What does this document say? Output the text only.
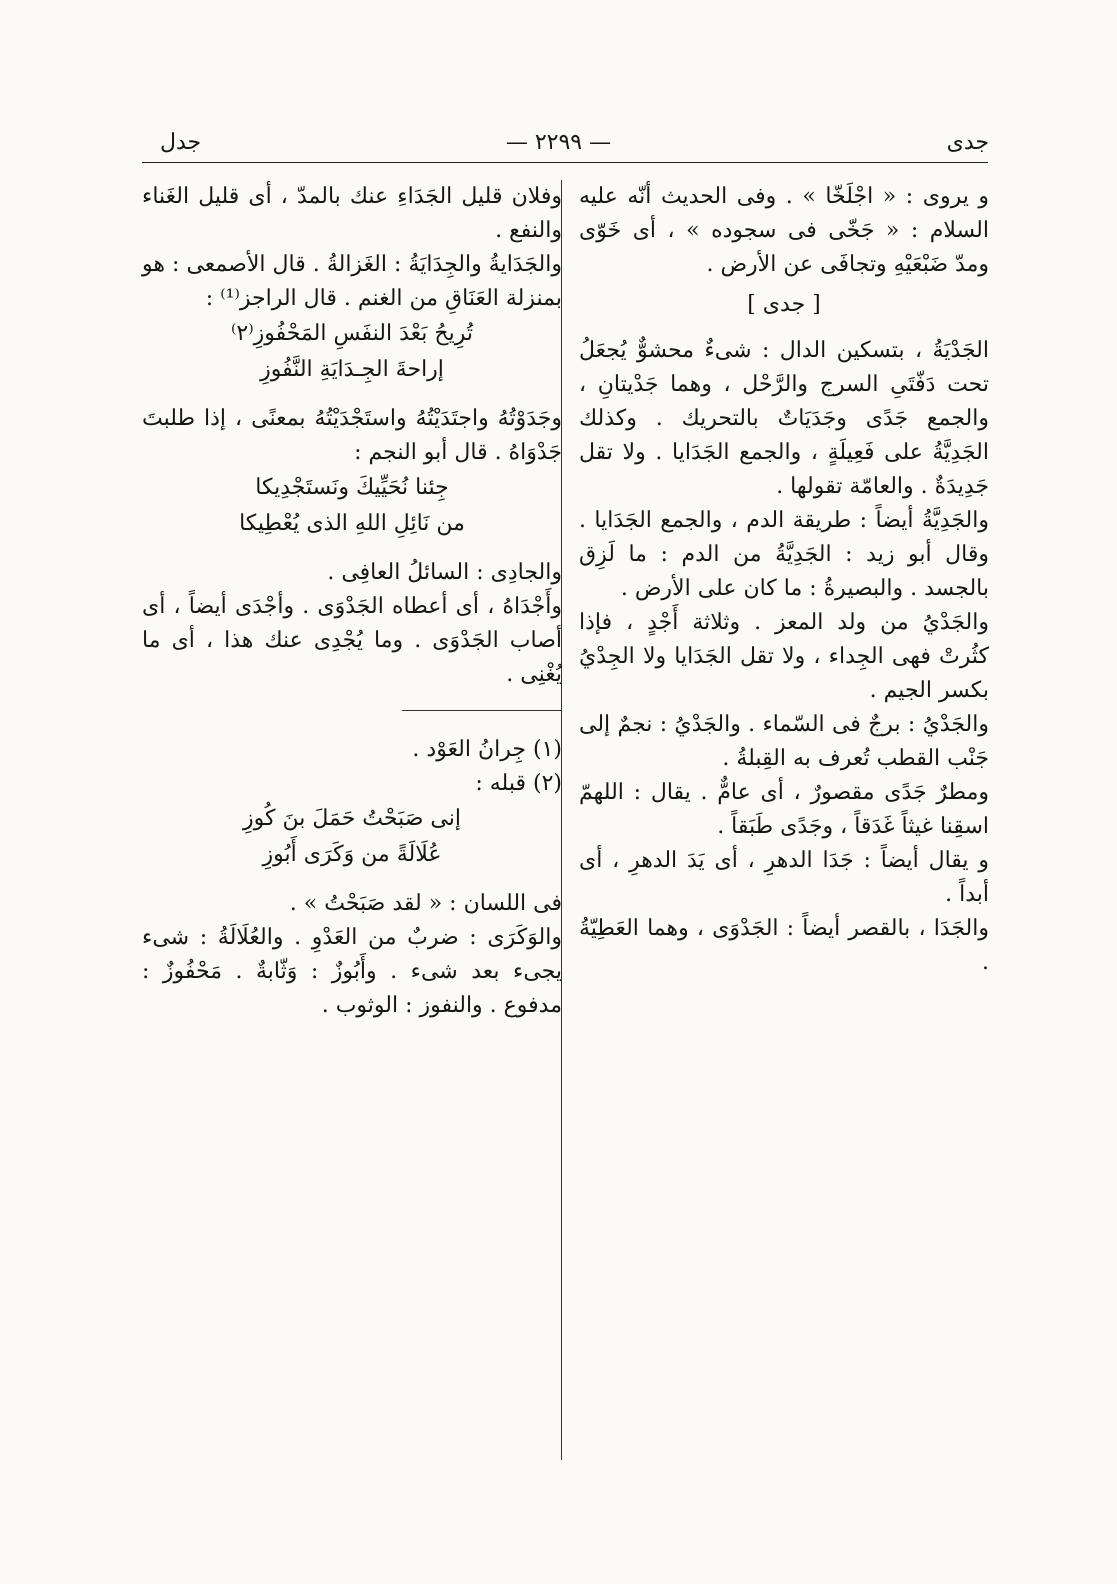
جدى
— ٢٢٩٩ —
جدل

و يروى : « اجْلَخّا » . وفى الحديث أنّه عليه السلام : « جَخّى فى سجوده » ، أى خَوّى ومدّ ضَبْعَيْهِ وتجافَى عن الأرض .

[ جدى ]

الجَدْيَةُ ، بتسكين الدال : شىءٌ محشوٌّ يُجعَلُ تحت دَفّتَىِ السرج والرَّحْل ، وهما جَدْيتانِ ، والجمع جَدًى وجَدَيَاتٌ بالتحريك . وكذلك الجَدِيَّةُ على فَعِيلَةٍ ، والجمع الجَدَايا . ولا تقل جَدِيدَةٌ . والعامّة تقولها .

والجَدِيَّةُ أيضاً : طريقة الدم ، والجمع الجَدَايا . وقال أبو زيد : الجَدِيَّةُ من الدم : ما لَزِق بالجسد . والبصيرةُ : ما كان على الأرض .

والجَدْيُ من ولد المعز . وثلاثة أَجْدٍ ، فإذا كثُرتْ فهى الجِداء ، ولا تقل الجَدَايا ولا الجِدْيُ بكسر الجيم .

والجَدْيُ : برجٌ فى السّماء . والجَدْيُ : نجمٌ إلى جَنْب القطب تُعرف به القِبلةُ .

ومطرٌ جَدًى مقصورٌ ، أى عامٌّ . يقال : اللهمّ اسقِنا غيثاً غَدَقاً ، وجَدًى طَبَقاً .

و يقال أيضاً : جَدَا الدهرِ ، أى يَدَ الدهرِ ، أى أبداً .

والجَدَا ، بالقصر أيضاً : الجَدْوَى ، وهما العَطِيّةُ .

وفلان قليل الجَدَاءِ عنك بالمدّ ، أى قليل الغَناء والنفع .

والجَدَايةُ والجِدَايَةُ : الغَزالةُ . قال الأصمعى : هو بمنزلة العَنَاقِ من الغنم . قال الراجز⁽¹⁾ :

تُرِيحُ بَعْدَ النفَسِ المَحْفُوزِ⁽٢⁾

إراحةَ الجِـدَايَةِ النَّفُوزِ

وجَدَوْتُهُ واجتَدَيْتُهُ واستَجْدَيْتُهُ بمعنًى ، إذا طلبتَ جَدْوَاهُ . قال أبو النجم :

جِئنا نُحَيِّيكَ ونَستَجْدِيكا

من نَائِلِ اللهِ الذى يُعْطِيكا

والجادِى : السائلُ العافِى .

وأَجْدَاهُ ، أى أعطاه الجَدْوَى . وأجْدَى أيضاً ، أى أصاب الجَدْوَى . وما يُجْدِى عنك هذا ، أى ما يُغْنِى .

(١) جِرانُ العَوْد .

(٢) قبله :

إنى صَبَحْتُ حَمَلَ بنَ كُوزِ

عُلَالَةً من وَكَرَى أَبُوزِ

فى اللسان : « لقد صَبَحْتُ » .

والوَكَرَى : ضربٌ من العَدْوِ . والعُلَالَةُ : شىء يجىء بعد شىء . وأَبُوزٌ : وَثّابةٌ . مَحْفُوزٌ : مدفوع . والنفوز : الوثوب .
